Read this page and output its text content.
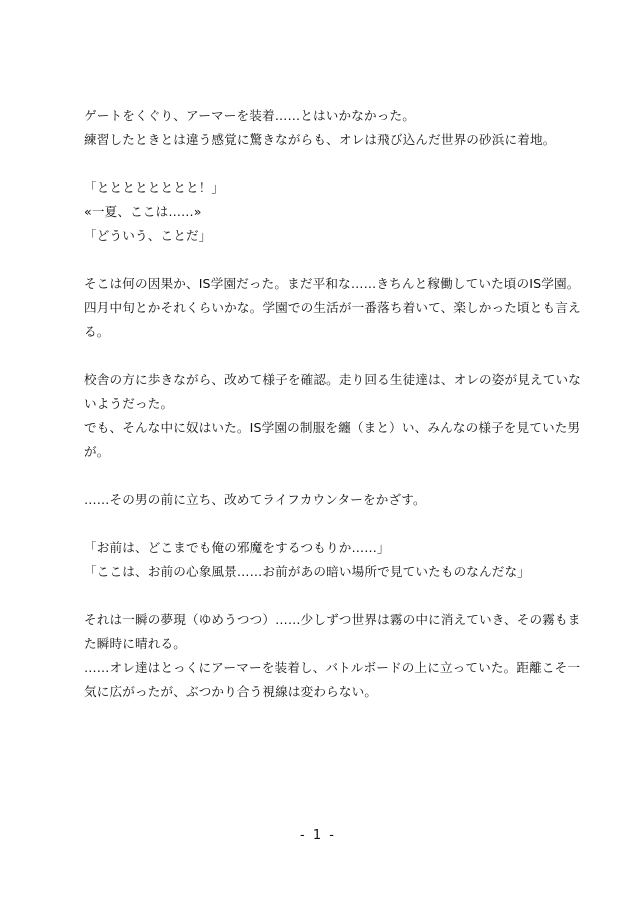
ゲートをくぐり、アーマーを装着……とはいかなかった。
練習したときとは違う感覚に驚きながらも、オレは飛び込んだ世界の砂浜に着地。
「とととととととと！」
«一夏、ここは……»
「どういう、ことだ」
そこは何の因果か、IS学園だった。まだ平和な……きちんと稼働していた頃のIS学園。
四月中旬とかそれくらいかな。学園での生活が一番落ち着いて、楽しかった頃とも言え
る。
校舎の方に歩きながら、改めて様子を確認。走り回る生徒達は、オレの姿が見えていな
いようだった。
でも、そんな中に奴はいた。IS学園の制服を纏（まと）い、みんなの様子を見ていた男
が。
……その男の前に立ち、改めてライフカウンターをかざす。
「お前は、どこまでも俺の邪魔をするつもりか……」
「ここは、お前の心象風景……お前があの暗い場所で見ていたものなんだな」
それは一瞬の夢現（ゆめうつつ）……少しずつ世界は霧の中に消えていき、その霧もま
た瞬時に晴れる。
……オレ達はとっくにアーマーを装着し、バトルボードの上に立っていた。距離こそ一
気に広がったが、ぶつかり合う視線は変わらない。
- 1 -
